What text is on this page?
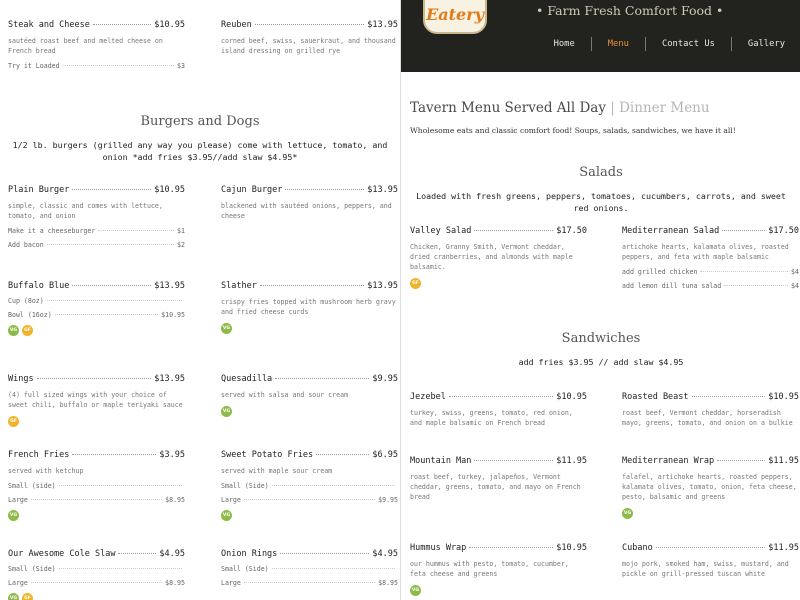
Steak and Cheese	$10.95
sautéed roast beef and melted cheese on French bread
Try it Loaded	$3
Reuben	$13.95
corned beef, swiss, sauerkraut, and thousand island dressing on grilled rye
Burgers and Dogs
1/2 lb. burgers (grilled any way you please) come with lettuce, tomato, and onion *add fries $3.95//add slaw $4.95*
Plain Burger	$10.95
simple, classic and comes with lettuce, tomato, and onion
Make it a cheeseburger	$1
Add bacon	$2
Cajun Burger	$13.95
blackened with sautéed onions, peppers, and cheese
Buffalo Blue	$13.95
Cup (8oz)
Bowl (16oz)	$10.95
VG	GF
Slather	$13.95
crispy fries topped with mushroom herb gravy and fried cheese curds
VG
Wings	$13.95
(4) full sized wings with your choice of sweet chili, buffalo or maple teriyaki sauce
GF
Quesadilla	$9.95
served with salsa and sour cream
VG
French Fries	$3.95
served with ketchup
Small (side)
Large	$8.95
VG
Sweet Potato Fries	$6.95
served with maple sour cream
Small (Side)
Large	$9.95
VG
Our Awesome Cole Slaw	$4.95
Small (Side)
Large	$8.95
VG	GF
Onion Rings	$4.95
Small (Side)
Large	$8.95
Eatery	• Farm Fresh Comfort Food •
Home	Menu	Contact Us	Gallery
Tavern Menu Served All Day | Dinner Menu
Wholesome eats and classic comfort food! Soups, salads, sandwiches, we have it all!
Salads
Loaded with fresh greens, peppers, tomatoes, cucumbers, carrots, and sweet red onions.
Valley Salad	$17.50
Chicken, Granny Smith, Vermont cheddar, dried cranberries, and almonds with maple balsamic.
GF
Mediterranean Salad	$17.50
artichoke hearts, kalamata olives, roasted peppers, and feta with maple balsamic
add grilled chicken	$4
add lemon dill tuna salad	$4
Sandwiches
add fries $3.95 // add slaw $4.95
Jezebel	$10.95
turkey, swiss, greens, tomato, red onion, and maple balsamic on French bread
Roasted Beast	$10.95
roast beef, Vermont cheddar, horseradish mayo, greens, tomato, and onion on a bulkie
Mountain Man	$11.95
roast beef, turkey, jalapeños, Vermont cheddar, greens, tomato, and mayo on French bread
Mediterranean Wrap	$11.95
falafel, artichoke hearts, roasted peppers, kalamata olives, tomato, onion, feta cheese, pesto, balsamic and greens
VG
Hummus Wrap	$10.95
our hummus with pesto, tomato, cucumber, feta cheese and greens
VG
Cubano	$11.95
mojo pork, smoked ham, swiss, mustard, and pickle on grill-pressed tuscan white
